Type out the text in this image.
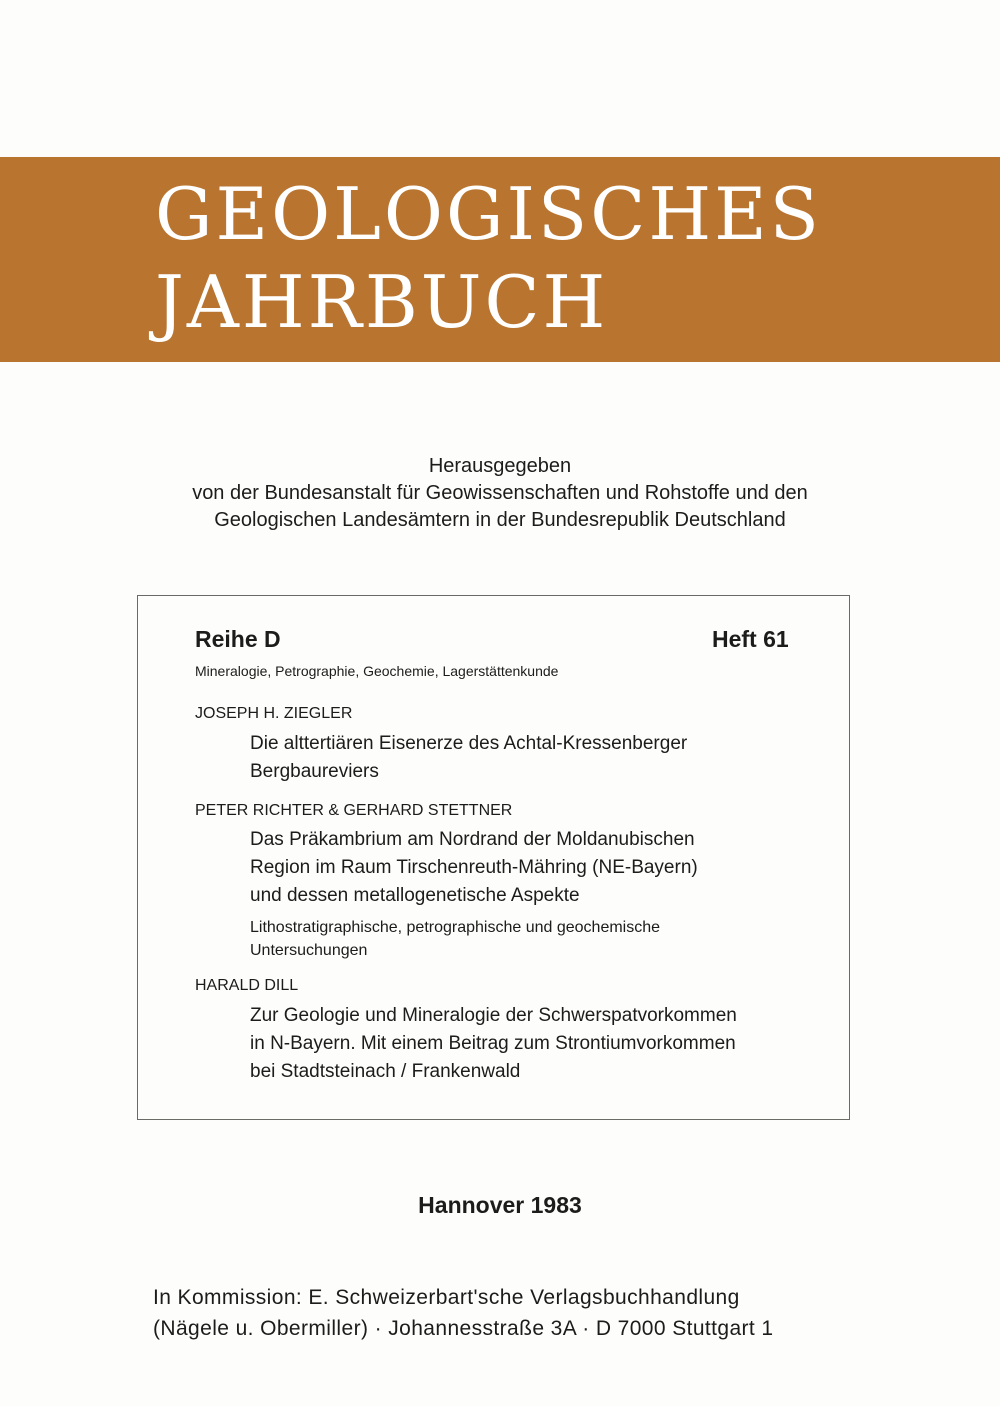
GEOLOGISCHES
JAHRBUCH
Herausgegeben
von der Bundesanstalt für Geowissenschaften und Rohstoffe und den
Geologischen Landesämtern in der Bundesrepublik Deutschland
Reihe D	Heft 61
Mineralogie, Petrographie, Geochemie, Lagerstättenkunde
JOSEPH H. ZIEGLER
Die alttertiären Eisenerze des Achtal-Kressenberger
Bergbaureviers
PETER RICHTER & GERHARD STETTNER
Das Präkambrium am Nordrand der Moldanubischen
Region im Raum Tirschenreuth-Mähring (NE-Bayern)
und dessen metallogenetische Aspekte
Lithostratigraphische, petrographische und geochemische
Untersuchungen
HARALD DILL
Zur Geologie und Mineralogie der Schwerspatvorkommen
in N-Bayern. Mit einem Beitrag zum Strontiumvorkommen
bei Stadtsteinach / Frankenwald
Hannover 1983
In Kommission: E. Schweizerbart'sche Verlagsbuchhandlung
(Nägele u. Obermiller) · Johannesstraße 3A · D 7000 Stuttgart 1
